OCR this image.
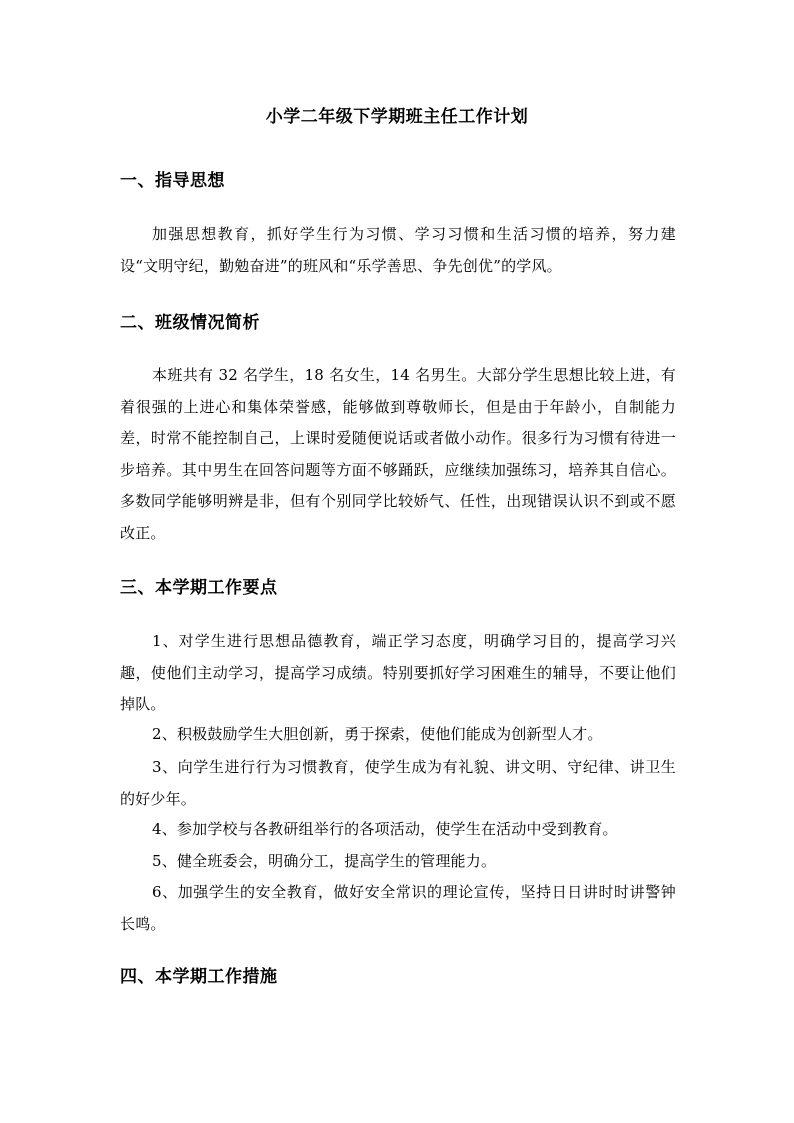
小学二年级下学期班主任工作计划
一、指导思想
加强思想教育，抓好学生行为习惯、学习习惯和生活习惯的培养，努力建设“文明守纪，勤勉奋进”的班风和“乐学善思、争先创优”的学风。
二、班级情况简析
本班共有 32 名学生，18 名女生，14 名男生。大部分学生思想比较上进，有着很强的上进心和集体荣誉感，能够做到尊敬师长，但是由于年龄小，自制能力差，时常不能控制自己，上课时爱随便说话或者做小动作。很多行为习惯有待进一步培养。其中男生在回答问题等方面不够踊跃，应继续加强练习，培养其自信心。多数同学能够明辨是非，但有个别同学比较娇气、任性，出现错误认识不到或不愿改正。
三、本学期工作要点
1、对学生进行思想品德教育，端正学习态度，明确学习目的，提高学习兴趣，使他们主动学习，提高学习成绩。特别要抓好学习困难生的辅导，不要让他们掉队。
2、积极鼓励学生大胆创新，勇于探索，使他们能成为创新型人才。
3、向学生进行行为习惯教育，使学生成为有礼貌、讲文明、守纪律、讲卫生的好少年。
4、参加学校与各教研组举行的各项活动，使学生在活动中受到教育。
5、健全班委会，明确分工，提高学生的管理能力。
6、加强学生的安全教育，做好安全常识的理论宣传，坚持日日讲时时讲警钟长鸣。
四、本学期工作措施
